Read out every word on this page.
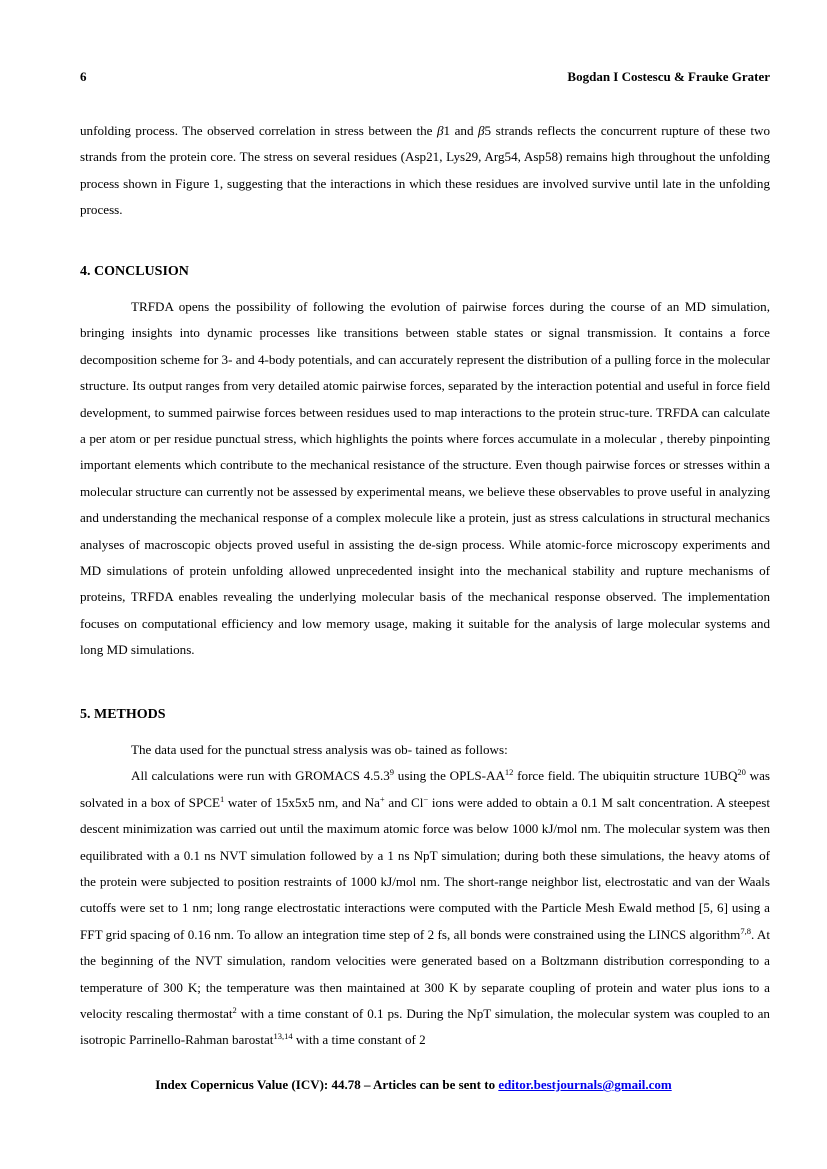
6	Bogdan I Costescu & Frauke Grater

unfolding process. The observed correlation in stress between the β1 and β5 strands reflects the concurrent rupture of these two strands from the protein core. The stress on several residues (Asp21, Lys29, Arg54, Asp58) remains high throughout the unfolding process shown in Figure 1, suggesting that the interactions in which these residues are involved survive until late in the unfolding process.

4. CONCLUSION

TRFDA opens the possibility of following the evolution of pairwise forces during the course of an MD simulation, bringing insights into dynamic processes like transitions between stable states or signal transmission. It contains a force decomposition scheme for 3- and 4-body potentials, and can accurately represent the distribution of a pulling force in the molecular structure. Its output ranges from very detailed atomic pairwise forces, separated by the interaction potential and useful in force field development, to summed pairwise forces between residues used to map interactions to the protein struc-ture. TRFDA can calculate a per atom or per residue punctual stress, which highlights the points where forces accumulate in a molecular , thereby pinpointing important elements which contribute to the mechanical resistance of the structure. Even though pairwise forces or stresses within a molecular structure can currently not be assessed by experimental means, we believe these observables to prove useful in analyzing and understanding the mechanical response of a complex molecule like a protein, just as stress calculations in structural mechanics analyses of macroscopic objects proved useful in assisting the de-sign process. While atomic-force microscopy experiments and MD simulations of protein unfolding allowed unprecedented insight into the mechanical stability and rupture mechanisms of proteins, TRFDA enables revealing the underlying molecular basis of the mechanical response observed. The implementation focuses on computational efficiency and low memory usage, making it suitable for the analysis of large molecular systems and long MD simulations.

5. METHODS

The data used for the punctual stress analysis was ob- tained as follows:

All calculations were run with GROMACS 4.5.3$^9$ using the OPLS-AA$^{12}$ force field. The ubiquitin structure 1UBQ$^{20}$ was solvated in a box of SPCE$^1$ water of 15x5x5 nm, and Na+ and Cl− ions were added to obtain a 0.1 M salt concentration. A steepest descent minimization was carried out until the maximum atomic force was below 1000 kJ/mol nm. The molecular system was then equilibrated with a 0.1 ns NVT simulation followed by a 1 ns NpT simulation; during both these simulations, the heavy atoms of the protein were subjected to position restraints of 1000 kJ/mol nm. The short-range neighbor list, electrostatic and van der Waals cutoffs were set to 1 nm; long range electrostatic interactions were computed with the Particle Mesh Ewald method [5, 6] using a FFT grid spacing of 0.16 nm. To allow an integration time step of 2 fs, all bonds were constrained using the LINCS algorithm$^{7,8}$. At the beginning of the NVT simulation, random velocities were generated based on a Boltzmann distribution corresponding to a temperature of 300 K; the temperature was then maintained at 300 K by separate coupling of protein and water plus ions to a velocity rescaling thermostat$^2$ with a time constant of 0.1 ps. During the NpT simulation, the molecular system was coupled to an isotropic Parrinello-Rahman barostat$^{13,14}$ with a time constant of 2

Index Copernicus Value (ICV): 44.78 – Articles can be sent to editor.bestjournals@gmail.com
